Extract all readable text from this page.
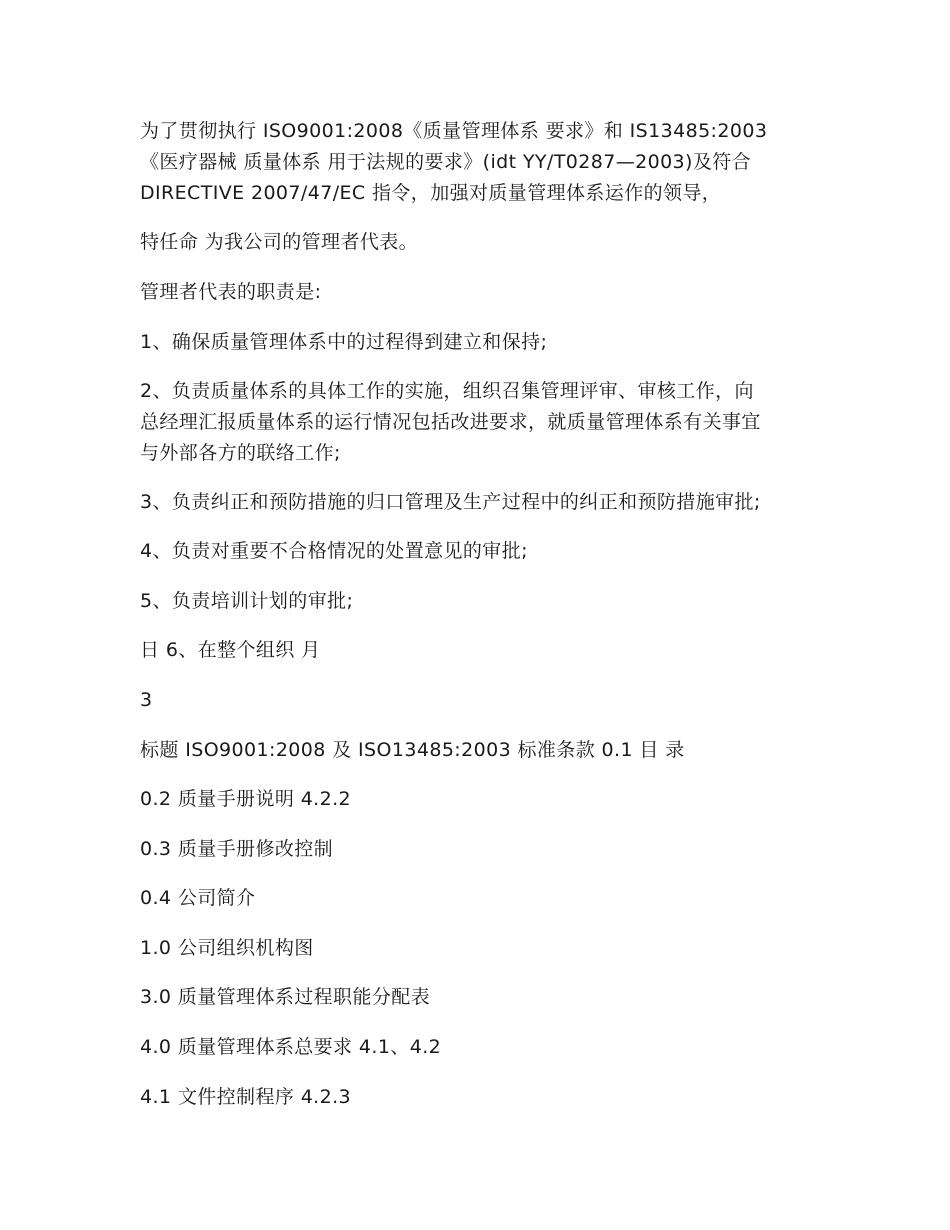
为了贯彻执行 ISO9001:2008《质量管理体系 要求》和 IS13485:2003
《医疗器械 质量体系 用于法规的要求》(idt YY/T0287—2003)及符合
DIRECTIVE 2007/47/EC 指令，加强对质量管理体系运作的领导，
特任命 为我公司的管理者代表。
管理者代表的职责是:
1、确保质量管理体系中的过程得到建立和保持;
2、负责质量体系的具体工作的实施，组织召集管理评审、审核工作，向
总经理汇报质量体系的运行情况包括改进要求，就质量管理体系有关事宜
与外部各方的联络工作;
3、负责纠正和预防措施的归口管理及生产过程中的纠正和预防措施审批;
4、负责对重要不合格情况的处置意见的审批;
5、负责培训计划的审批;
日 6、在整个组织 月
3
标题 ISO9001:2008 及 ISO13485:2003 标准条款 0.1 目 录
0.2 质量手册说明 4.2.2
0.3 质量手册修改控制
0.4 公司简介
1.0 公司组织机构图
3.0 质量管理体系过程职能分配表
4.0 质量管理体系总要求 4.1、4.2
4.1 文件控制程序 4.2.3
